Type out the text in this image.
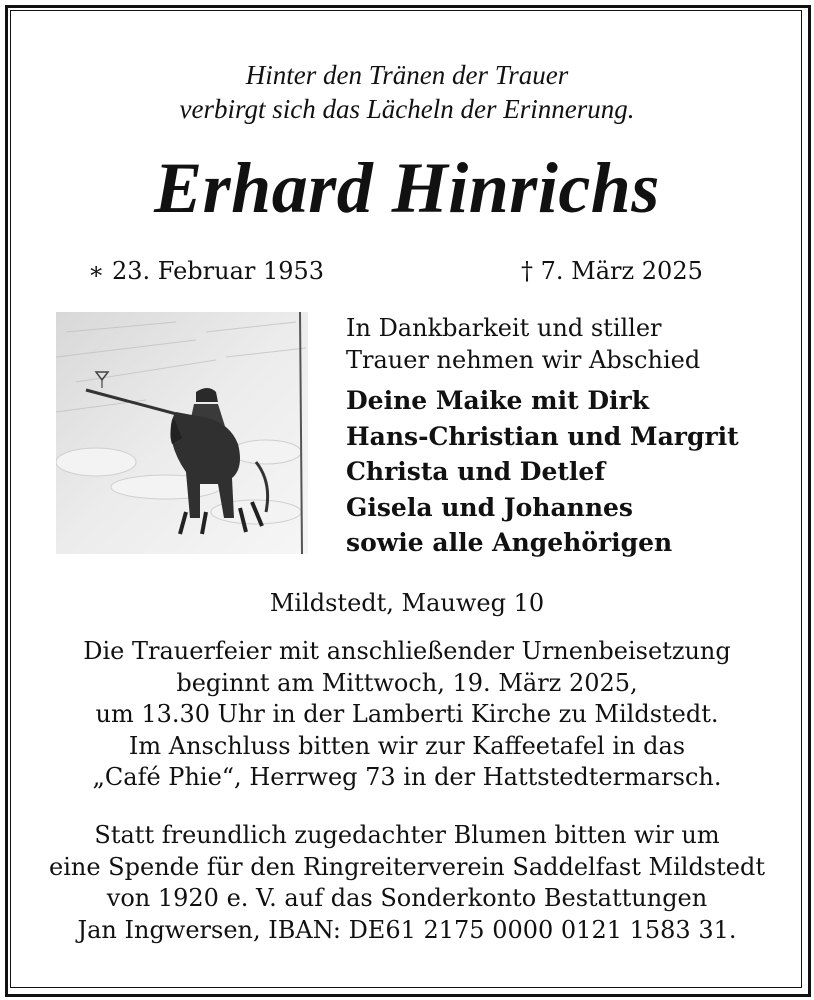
Hinter den Tränen der Trauer
verbirgt sich das Lächeln der Erinnerung.
Erhard Hinrichs
∗ 23. Februar 1953	† 7. März 2025
In Dankbarkeit und stiller
Trauer nehmen wir Abschied
Deine Maike mit Dirk
Hans-Christian und Margrit
Christa und Detlef
Gisela und Johannes
sowie alle Angehörigen
Mildstedt, Mauweg 10
Die Trauerfeier mit anschließender Urnenbeisetzung
beginnt am Mittwoch, 19. März 2025,
um 13.30 Uhr in der Lamberti Kirche zu Mildstedt.
Im Anschluss bitten wir zur Kaffeetafel in das
„Café Phie“, Herrweg 73 in der Hattstedtermarsch.
Statt freundlich zugedachter Blumen bitten wir um
eine Spende für den Ringreiterverein Saddelfast Mildstedt
von 1920 e. V. auf das Sonderkonto Bestattungen
Jan Ingwersen, IBAN: DE61 2175 0000 0121 1583 31.
